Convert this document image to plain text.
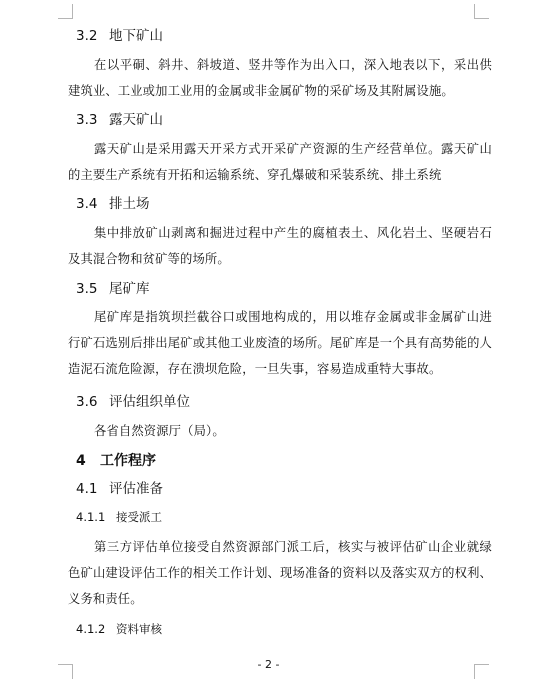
3.2 地下矿山
在以平硐、斜井、斜坡道、竖井等作为出入口，深入地表以下，采出供建筑业、工业或加工业用的金属或非金属矿物的采矿场及其附属设施。
3.3 露天矿山
露天矿山是采用露天开采方式开采矿产资源的生产经营单位。露天矿山的主要生产系统有开拓和运输系统、穿孔爆破和采装系统、排土系统
3.4 排土场
集中排放矿山剥离和掘进过程中产生的腐植表土、风化岩土、坚硬岩石及其混合物和贫矿等的场所。
3.5 尾矿库
尾矿库是指筑坝拦截谷口或围地构成的，用以堆存金属或非金属矿山进行矿石选别后排出尾矿或其他工业废渣的场所。尾矿库是一个具有高势能的人造泥石流危险源，存在溃坝危险，一旦失事，容易造成重特大事故。
3.6 评估组织单位
各省自然资源厅（局）。
4 工作程序
4.1 评估准备
4.1.1 接受派工
第三方评估单位接受自然资源部门派工后，核实与被评估矿山企业就绿色矿山建设评估工作的相关工作计划、现场准备的资料以及落实双方的权利、义务和责任。
4.1.2 资料审核
- 2 -
